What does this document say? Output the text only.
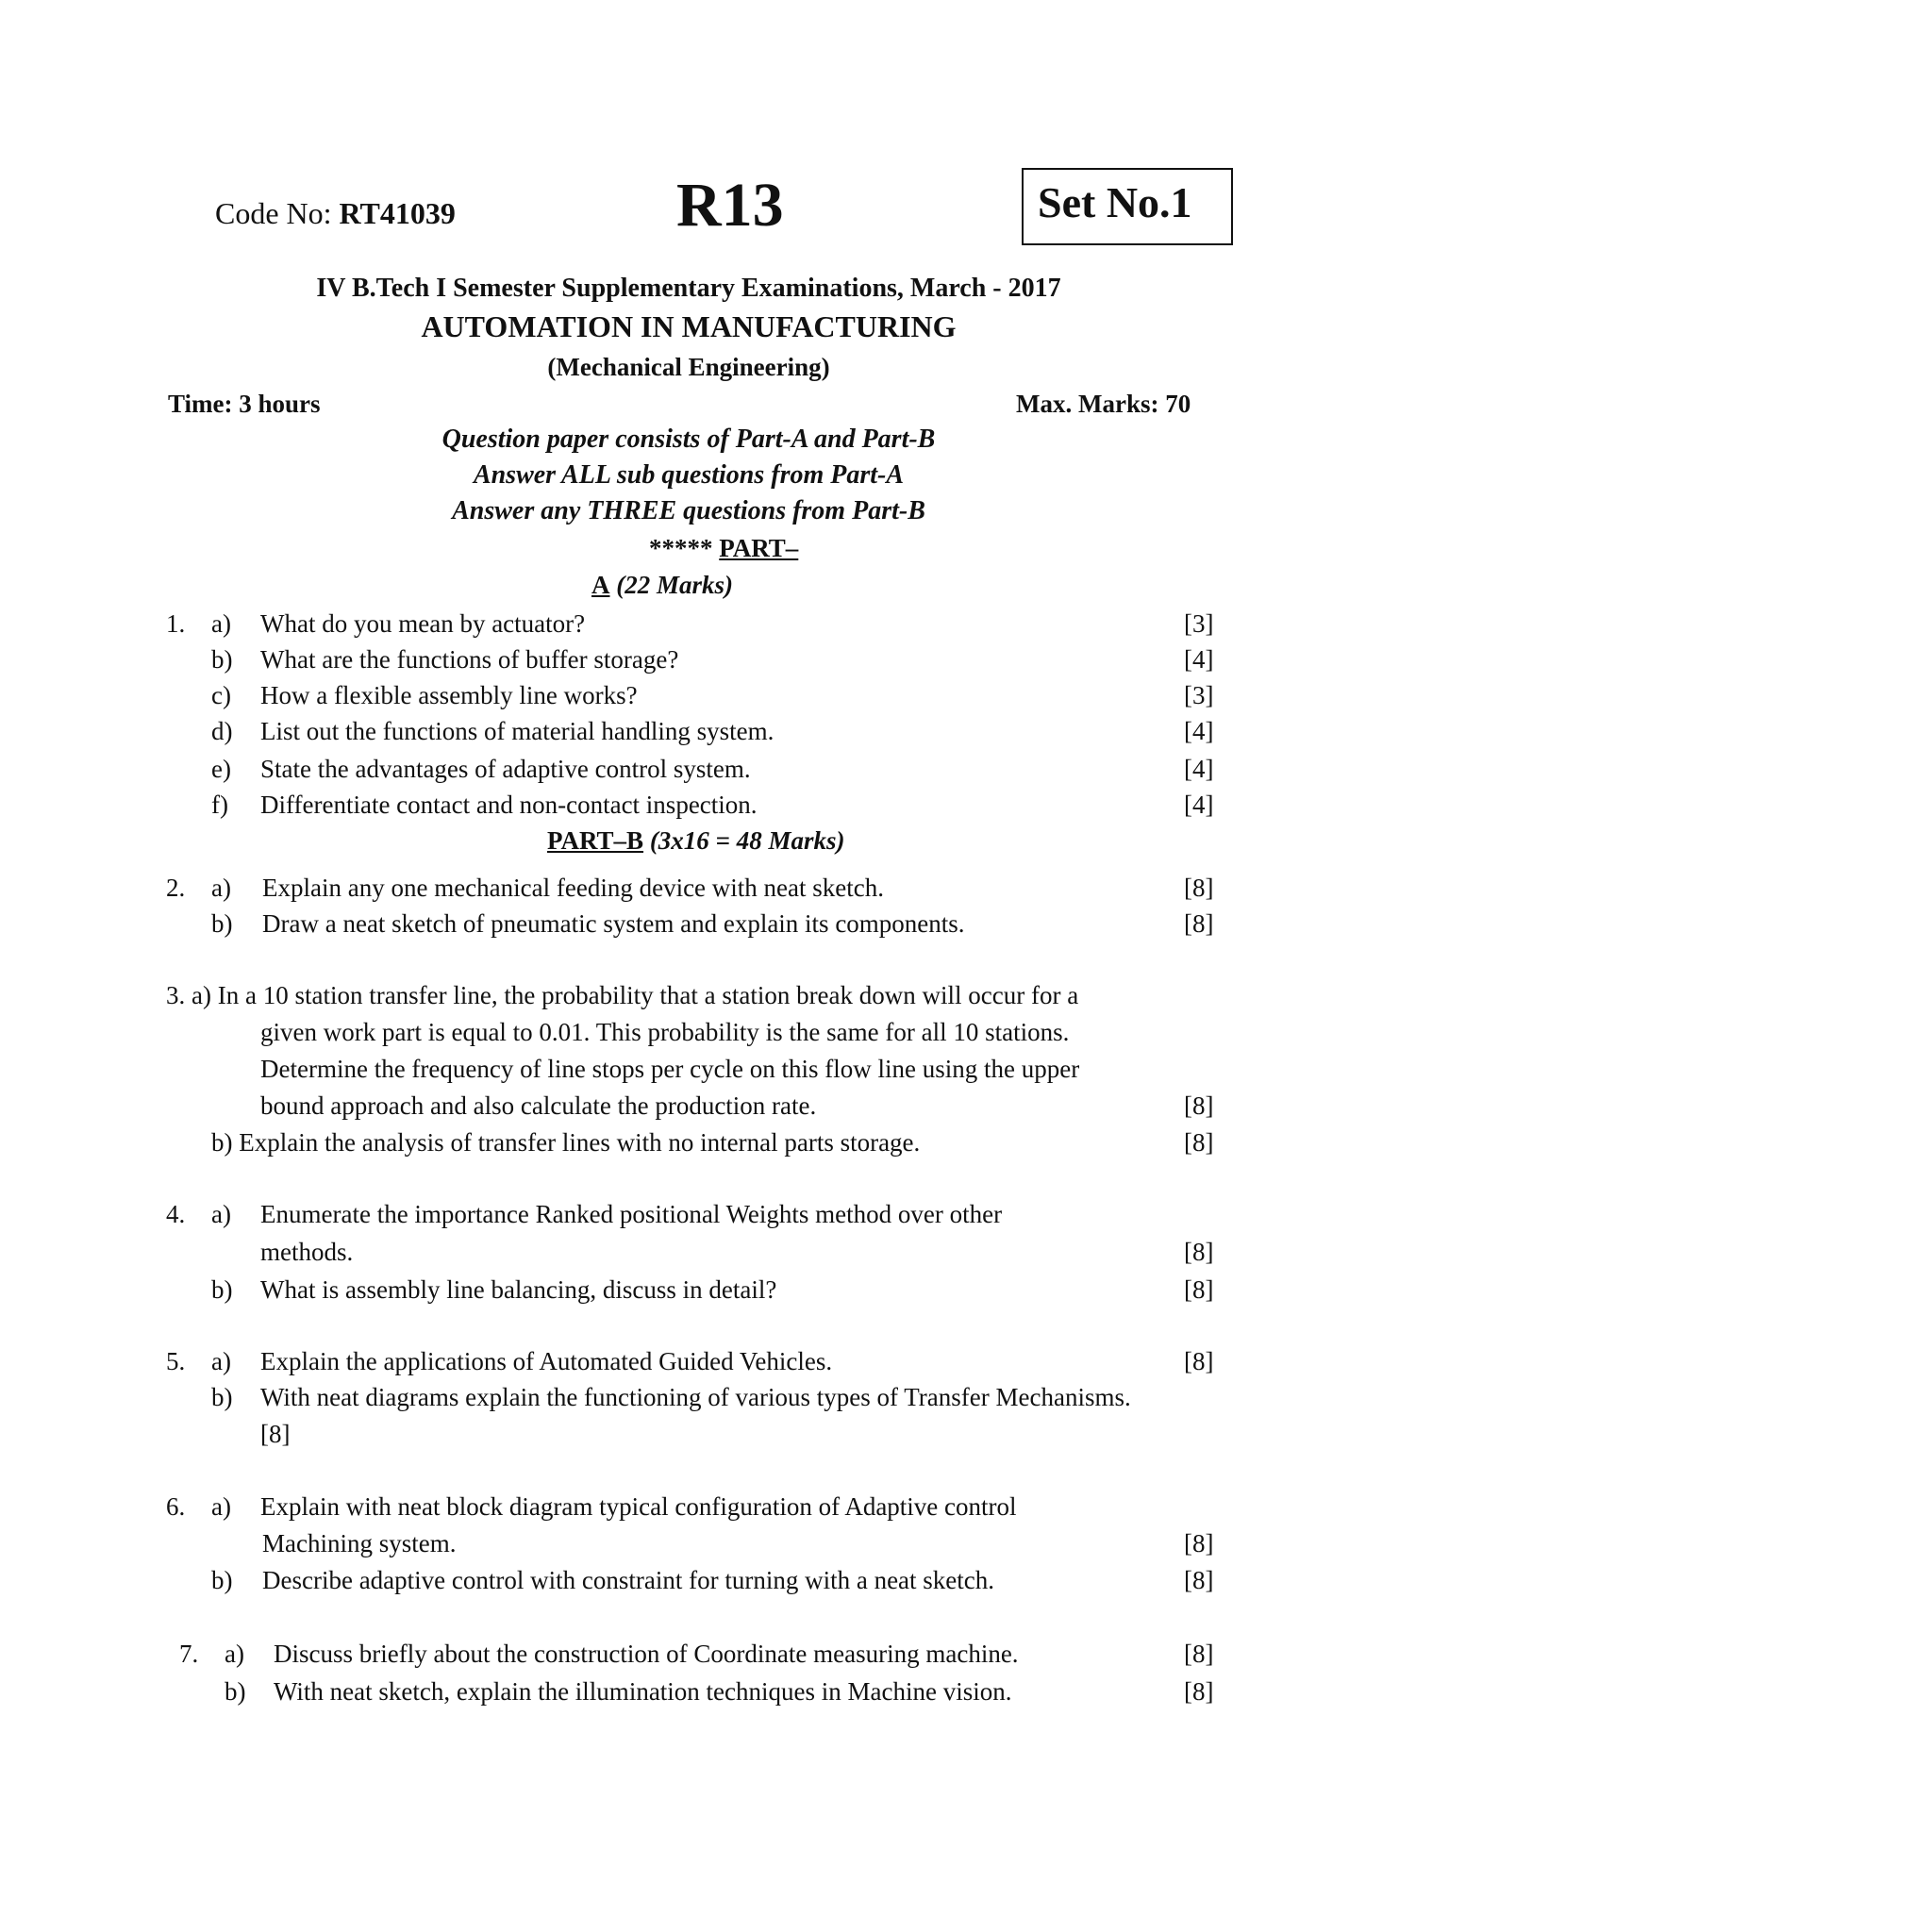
Code No: RT41039	R13	Set No.1
IV B.Tech I Semester Supplementary Examinations, March - 2017
AUTOMATION IN MANUFACTURING
(Mechanical Engineering)
Time: 3 hours	Max. Marks: 70
Question paper consists of Part-A and Part-B
Answer ALL sub questions from Part-A
Answer any THREE questions from Part-B
***** PART–
A (22 Marks)
1. a) What do you mean by actuator?	[3]
b) What are the functions of buffer storage?	[4]
c) How a flexible assembly line works?	[3]
d) List out the functions of material handling system.	[4]
e) State the advantages of adaptive control system.	[4]
f) Differentiate contact and non-contact inspection.	[4]
PART–B (3x16 = 48 Marks)
2. a) Explain any one mechanical feeding device with neat sketch.	[8]
b) Draw a neat sketch of pneumatic system and explain its components.	[8]
3. a) In a 10 station transfer line, the probability that a station break down will occur for a
given work part is equal to 0.01. This probability is the same for all 10 stations.
Determine the frequency of line stops per cycle on this flow line using the upper
bound approach and also calculate the production rate.	[8]
b) Explain the analysis of transfer lines with no internal parts storage.	[8]
4. a) Enumerate the importance Ranked positional Weights method over other
methods.	[8]
b) What is assembly line balancing, discuss in detail?	[8]
5. a) Explain the applications of Automated Guided Vehicles.	[8]
b) With neat diagrams explain the functioning of various types of Transfer Mechanisms.
[8]
6. a) Explain with neat block diagram typical configuration of Adaptive control
Machining system.	[8]
b) Describe adaptive control with constraint for turning with a neat sketch.	[8]
7. a) Discuss briefly about the construction of Coordinate measuring machine.	[8]
b) With neat sketch, explain the illumination techniques in Machine vision.	[8]
